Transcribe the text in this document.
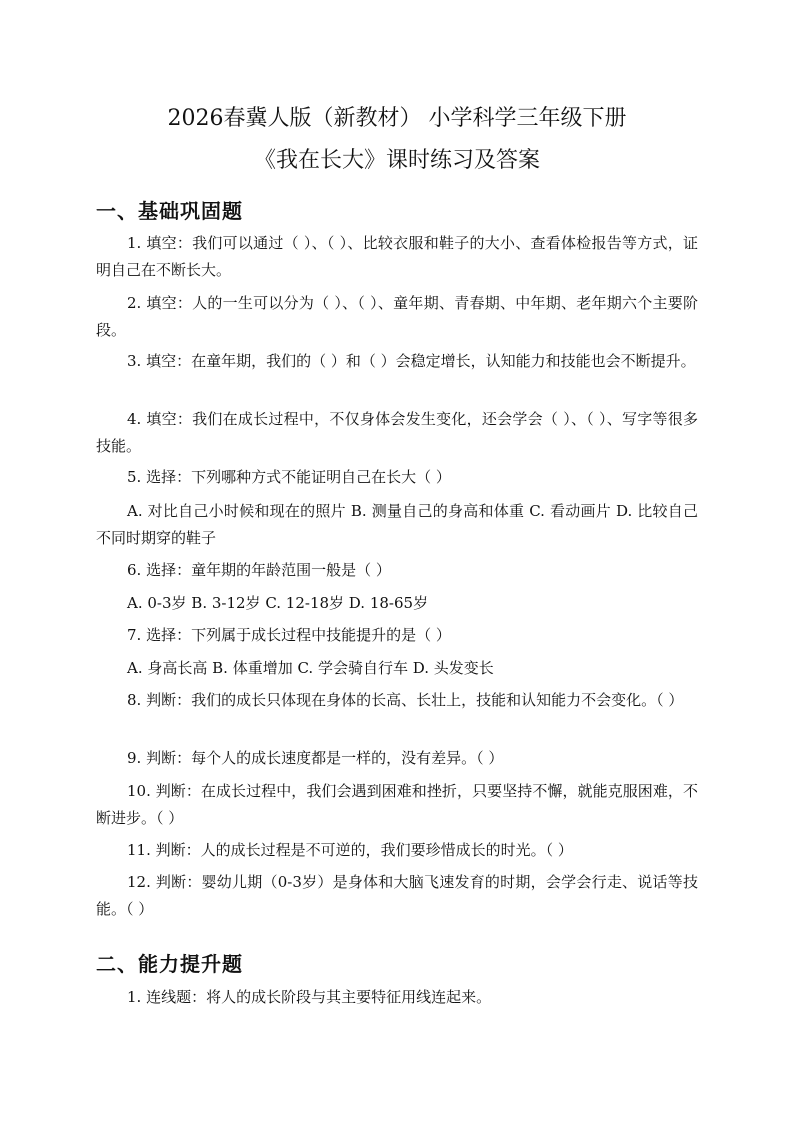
2026春冀人版（新教材） 小学科学三年级下册
《我在长大》课时练习及答案
一、基础巩固题

1. 填空：我们可以通过（ ）、（ ）、比较衣服和鞋子的大小、查看体检报告等方式，证明自己在不断长大。

2. 填空：人的一生可以分为（ ）、（ ）、童年期、青春期、中年期、老年期六个主要阶段。

3. 填空：在童年期，我们的（ ）和（ ）会稳定增长，认知能力和技能也会不断提升。

4. 填空：我们在成长过程中，不仅身体会发生变化，还会学会（ ）、（ ）、写字等很多技能。

5. 选择：下列哪种方式不能证明自己在长大（ ）

A. 对比自己小时候和现在的照片 B. 测量自己的身高和体重 C. 看动画片 D. 比较自己不同时期穿的鞋子

6. 选择：童年期的年龄范围一般是（ ）

A. 0-3岁 B. 3-12岁 C. 12-18岁 D. 18-65岁

7. 选择：下列属于成长过程中技能提升的是（ ）

A. 身高长高 B. 体重增加 C. 学会骑自行车 D. 头发变长

8. 判断：我们的成长只体现在身体的长高、长壮上，技能和认知能力不会变化。（ ）

9. 判断：每个人的成长速度都是一样的，没有差异。（ ）

10. 判断：在成长过程中，我们会遇到困难和挫折，只要坚持不懈，就能克服困难，不断进步。（ ）

11. 判断：人的成长过程是不可逆的，我们要珍惜成长的时光。（ ）

12. 判断：婴幼儿期（0-3岁）是身体和大脑飞速发育的时期，会学会行走、说话等技能。（ ）

二、能力提升题

1. 连线题：将人的成长阶段与其主要特征用线连起来。
